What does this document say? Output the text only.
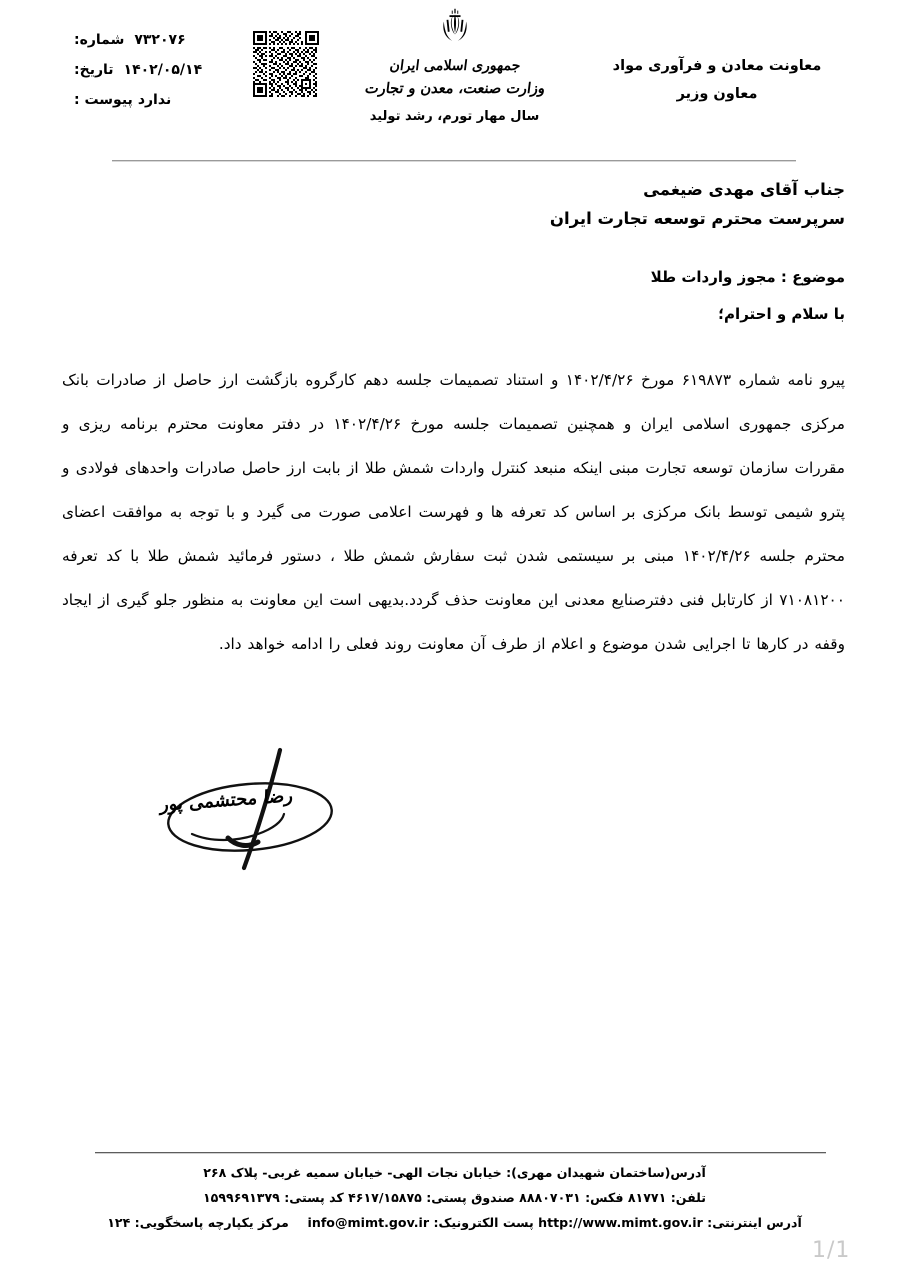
معاونت معادن و فرآوری مواد
معاون وزیر
جمهوری اسلامی ایران
وزارت صنعت، معدن و تجارت
سال مهار تورم، رشد تولید
۷۳۲۰۷۶
شماره:
۱۴۰۲/۰۵/۱۴
تاریخ:
ندارد
پیوست :
جناب آقای مهدی ضیغمی
سرپرست محترم توسعه تجارت ایران
موضوع : مجوز واردات طلا
با سلام و احترام؛

پیرو نامه شماره ۶۱۹۸۷۳ مورخ ۱۴۰۲/۴/۲۶ و استناد تصمیمات جلسه دهم کارگروه بازگشت ارز حاصل از صادرات بانک مرکزی جمهوری اسلامی ایران و همچنین تصمیمات جلسه مورخ ۱۴۰۲/۴/۲۶ در دفتر معاونت محترم برنامه ریزی و مقررات سازمان توسعه تجارت مبنی اینکه منبعد کنترل واردات شمش طلا از بابت ارز حاصل صادرات واحدهای فولادی و پترو شیمی توسط بانک مرکزی بر اساس کد تعرفه ها و فهرست اعلامی صورت می گیرد و با توجه به موافقت اعضای محترم جلسه ۱۴۰۲/۴/۲۶ مبنی بر سیستمی شدن ثبت سفارش شمش طلا ، دستور فرمائید شمش طلا با کد تعرفه ۷۱۰۸۱۲۰۰ از کارتابل فنی دفترصنایع معدنی این معاونت حذف گردد.بدیهی است این معاونت به منظور جلو گیری از ایجاد وقفه در کارها تا اجرایی شدن موضوع و اعلام از طرف آن معاونت روند فعلی را ادامه خواهد داد.

رضا محتشمی پور
آدرس(ساختمان شهیدان مهری): خیابان نجات الهی- خیابان سمیه غربی- پلاک ۲۶۸
تلفن: ۸۱۷۷۱ فکس: ۸۸۸۰۷۰۳۱ صندوق پستی: ۴۶۱۷/۱۵۸۷۵ کد پستی: ۱۵۹۹۶۹۱۳۷۹
آدرس اینترنتی: http://www.mimt.gov.ir پست الکترونیک: info@mimt.gov.ir  مرکز یکپارچه پاسخگویی: ۱۲۴
1/1
